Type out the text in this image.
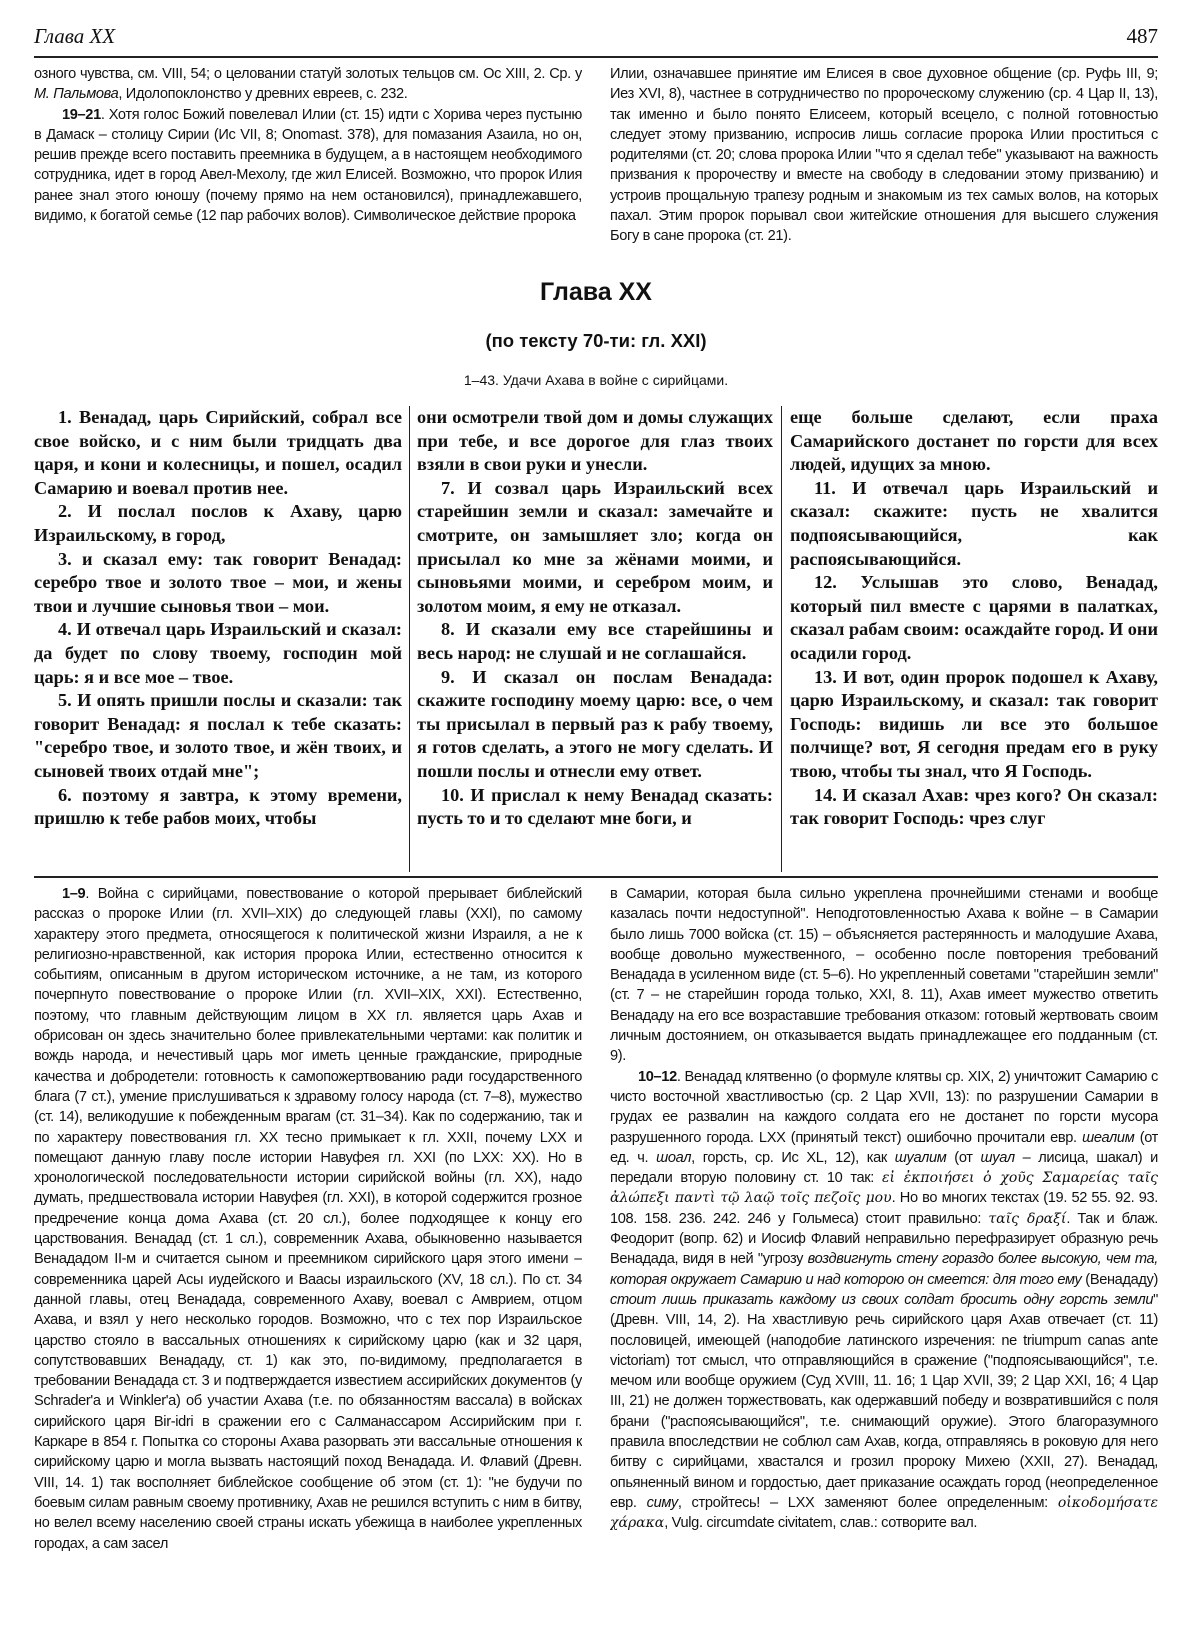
Глава XX	487

озного чувства, см. VIII, 54; о целовании статуй золотых тельцов см. Ос XIII, 2. Ср. у М. Пальмова, Идолопоклонство у древних евреев, с. 232.

19–21. Хотя голос Божий повелевал Илии (ст. 15) идти с Хорива через пустыню в Дамаск – столицу Сирии (Ис VII, 8; Onomast. 378), для помазания Азаила, но он, решив прежде всего поставить преемника в будущем, а в настоящем необходимого сотрудника, идет в город Авел-Мехолу, где жил Елисей. Возможно, что пророк Илия ранее знал этого юношу (почему прямо на нем остановился), принадлежавшего, видимо, к богатой семье (12 пар рабочих волов). Символическое действие пророка

Илии, означавшее принятие им Елисея в свое духовное общение (ср. Руфь III, 9; Иез XVI, 8), частнее в сотрудничество по пророческому служению (ср. 4 Цар II, 13), так именно и было понято Елисеем, который всецело, с полной готовностью следует этому призванию, испросив лишь согласие пророка Илии проститься с родителями (ст. 20; слова пророка Илии "что я сделал тебе" указывают на важность призвания к пророчеству и вместе на свободу в следовании этому призванию) и устроив прощальную трапезу родным и знакомым из тех самых волов, на которых пахал. Этим пророк порывал свои житейские отношения для высшего служения Богу в сане пророка (ст. 21).

Глава XX
(по тексту 70-ти: гл. XXI)
1–43. Удачи Ахава в войне с сирийцами.

1. Венадад, царь Сирийский, собрал все свое войско, и с ним были тридцать два царя, и кони и колесницы, и пошел, осадил Самарию и воевал против нее.

2. И послал послов к Ахаву, царю Израильскому, в город,

3. и сказал ему: так говорит Венадад: серебро твое и золото твое – мои, и жены твои и лучшие сыновья твои – мои.

4. И отвечал царь Израильский и сказал: да будет по слову твоему, господин мой царь: я и все мое – твое.

5. И опять пришли послы и сказали: так говорит Венадад: я послал к тебе сказать: "серебро твое, и золото твое, и жён твоих, и сыновей твоих отдай мне";

6. поэтому я завтра, к этому времени, пришлю к тебе рабов моих, чтобы

они осмотрели твой дом и домы служащих при тебе, и все дорогое для глаз твоих взяли в свои руки и унесли.

7. И созвал царь Израильский всех старейшин земли и сказал: замечайте и смотрите, он замышляет зло; когда он присылал ко мне за жёнами моими, и сыновьями моими, и серебром моим, и золотом моим, я ему не отказал.

8. И сказали ему все старейшины и весь народ: не слушай и не соглашайся.

9. И сказал он послам Венадада: скажите господину моему царю: все, о чем ты присылал в первый раз к рабу твоему, я готов сделать, а этого не могу сделать. И пошли послы и отнесли ему ответ.

10. И прислал к нему Венадад сказать: пусть то и то сделают мне боги, и

еще больше сделают, если праха Самарийского достанет по горсти для всех людей, идущих за мною.

11. И отвечал царь Израильский и сказал: скажите: пусть не хвалится подпоясывающийся, как распоясывающийся.

12. Услышав это слово, Венадад, который пил вместе с царями в палатках, сказал рабам своим: осаждайте город. И они осадили город.

13. И вот, один пророк подошел к Ахаву, царю Израильскому, и сказал: так говорит Господь: видишь ли все это большое полчище? вот, Я сегодня предам его в руку твою, чтобы ты знал, что Я Господь.

14. И сказал Ахав: чрез кого? Он сказал: так говорит Господь: чрез слуг

1–9. Война с сирийцами, повествование о которой прерывает библейский рассказ о пророке Илии (гл. XVII–XIX) до следующей главы (XXI), по самому характеру этого предмета, относящегося к политической жизни Израиля, а не к религиозно-нравственной, как история пророка Илии, естественно относится к событиям, описанным в другом историческом источнике, а не там, из которого почерпнуто повествование о пророке Илии (гл. XVII–XIX, XXI). Естественно, поэтому, что главным действующим лицом в XX гл. является царь Ахав и обрисован он здесь значительно более привлекательными чертами: как политик и вождь народа, и нечестивый царь мог иметь ценные гражданские, природные качества и добродетели: готовность к самопожертвованию ради государственного блага (7 ст.), умение прислушиваться к здравому голосу народа (ст. 7–8), мужество (ст. 14), великодушие к побежденным врагам (ст. 31–34). Как по содержанию, так и по характеру повествования гл. XX тесно примыкает к гл. XXII, почему LXX и помещают данную главу после истории Навуфея гл. XXI (по LXX: XX). Но в хронологической последовательности истории сирийской войны (гл. XX), надо думать, предшествовала истории Навуфея (гл. XXI), в которой содержится грозное предречение конца дома Ахава (ст. 20 сл.), более подходящее к концу его царствования. Венадад (ст. 1 сл.), современник Ахава, обыкновенно называется Венададом II-м и считается сыном и преемником сирийского царя этого имени – современника царей Асы иудейского и Ваасы израильского (XV, 18 сл.). По ст. 34 данной главы, отец Венадада, современного Ахаву, воевал с Амврием, отцом Ахава, и взял у него несколько городов. Возможно, что с тех пор Израильское царство стояло в вассальных отношениях к сирийскому царю (как и 32 царя, сопутствовавших Венададу, ст. 1) как это, по-видимому, предполагается в требовании Венадада ст. 3 и подтверждается известием ассирийских документов (у Schrader'a и Winkler'a) об участии Ахава (т.е. по обязанностям вассала) в войсках сирийского царя Bir-idri в сражении его с Салманассаром Ассирийским при г. Каркаре в 854 г. Попытка со стороны Ахава разорвать эти вассальные отношения к сирийскому царю и могла вызвать настоящий поход Венадада. И. Флавий (Древн. VIII, 14. 1) так восполняет библейское сообщение об этом (ст. 1): "не будучи по боевым силам равным своему противнику, Ахав не решился вступить с ним в битву, но велел всему населению своей страны искать убежища в наиболее укрепленных городах, а сам засел

в Самарии, которая была сильно укреплена прочнейшими стенами и вообще казалась почти недоступной". Неподготовленностью Ахава к войне – в Самарии было лишь 7000 войска (ст. 15) – объясняется растерянность и малодушие Ахава, вообще довольно мужественного, – особенно после повторения требований Венадада в усиленном виде (ст. 5–6). Но укрепленный советами "старейшин земли" (ст. 7 – не старейшин города только, XXI, 8. 11), Ахав имеет мужество ответить Венададу на его все возраставшие требования отказом: готовый жертвовать своим личным достоянием, он отказывается выдать принадлежащее его подданным (ст. 9).

10–12. Венадад клятвенно (о формуле клятвы ср. XIX, 2) уничтожит Самарию с чисто восточной хвастливостью (ср. 2 Цар XVII, 13): по разрушении Самарии в грудах ее развалин на каждого солдата его не достанет по горсти мусора разрушенного города. LXX (принятый текст) ошибочно прочитали евр. шеалим (от ед. ч. шоал, горсть, ср. Ис XL, 12), как шуалим (от шуал – лисица, шакал) и передали вторую половину ст. 10 так: εἰ ἐκποιήσει ὁ χοῦς Σαμαρείας ταῖς ἀλώπεξι παντὶ τῷ λαῷ τοῖς πεζοῖς μου. Но во многих текстах (19. 52 55. 92. 93. 108. 158. 236. 242. 246 у Гольмеса) стоит правильно: ταῖς δραξί. Так и блаж. Феодорит (вопр. 62) и Иосиф Флавий неправильно перефразирует образную речь Венадада, видя в ней "угрозу воздвигнуть стену гораздо более высокую, чем та, которая окружает Самарию и над которою он смеется: для того ему (Венададу) стоит лишь приказать каждому из своих солдат бросить одну горсть земли"(Древн. VIII, 14, 2). На хвастливую речь сирийского царя Ахав отвечает (ст. 11) пословицей, имеющей (наподобие латинского изречения: ne triumpum canas ante victoriam) тот смысл, что отправляющийся в сражение ("подпоясывающийся", т.е. мечом или вообще оружием (Суд XVIII, 11. 16; 1 Цар XVII, 39; 2 Цар XXI, 16; 4 Цар III, 21) не должен торжествовать, как одержавший победу и возвратившийся с поля брани ("распоясывающийся", т.е. снимающий оружие). Этого благоразумного правила впоследствии не соблюл сам Ахав, когда, отправляясь в роковую для него битву с сирийцами, хвастался и грозил пророку Михею (XXII, 27). Венадад, опьяненный вином и гордостью, дает приказание осаждать город (неопределенное евр. симу, стройтесь! – LXX заменяют более определенным: οἰκοδομήσατε χάρακα, Vulg. circumdate civitatem, слав.: сотворите вал.
